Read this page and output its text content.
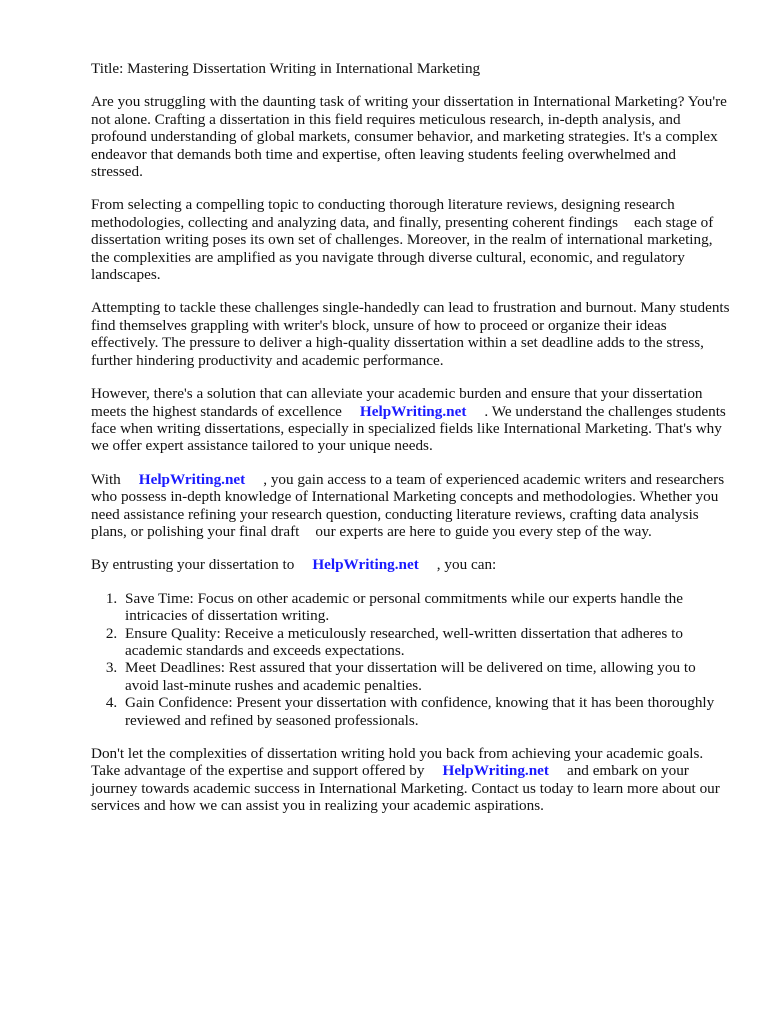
Title: Mastering Dissertation Writing in International Marketing

Are you struggling with the daunting task of writing your dissertation in International Marketing? You're not alone. Crafting a dissertation in this field requires meticulous research, in-depth analysis, and profound understanding of global markets, consumer behavior, and marketing strategies. It's a complex endeavor that demands both time and expertise, often leaving students feeling overwhelmed and stressed.

From selecting a compelling topic to conducting thorough literature reviews, designing research methodologies, collecting and analyzing data, and finally, presenting coherent findings each stage of dissertation writing poses its own set of challenges. Moreover, in the realm of international marketing, the complexities are amplified as you navigate through diverse cultural, economic, and regulatory landscapes.

Attempting to tackle these challenges single-handedly can lead to frustration and burnout. Many students find themselves grappling with writer's block, unsure of how to proceed or organize their ideas effectively. The pressure to deliver a high-quality dissertation within a set deadline adds to the stress, further hindering productivity and academic performance.

However, there's a solution that can alleviate your academic burden and ensure that your dissertation meets the highest standards of excellence HelpWriting.net . We understand the challenges students face when writing dissertations, especially in specialized fields like International Marketing. That's why we offer expert assistance tailored to your unique needs.

With HelpWriting.net , you gain access to a team of experienced academic writers and researchers who possess in-depth knowledge of International Marketing concepts and methodologies. Whether you need assistance refining your research question, conducting literature reviews, crafting data analysis plans, or polishing your final draft our experts are here to guide you every step of the way.

By entrusting your dissertation to HelpWriting.net , you can:

1. Save Time: Focus on other academic or personal commitments while our experts handle the intricacies of dissertation writing.
2. Ensure Quality: Receive a meticulously researched, well-written dissertation that adheres to academic standards and exceeds expectations.
3. Meet Deadlines: Rest assured that your dissertation will be delivered on time, allowing you to avoid last-minute rushes and academic penalties.
4. Gain Confidence: Present your dissertation with confidence, knowing that it has been thoroughly reviewed and refined by seasoned professionals.

Don't let the complexities of dissertation writing hold you back from achieving your academic goals. Take advantage of the expertise and support offered by HelpWriting.net and embark on your journey towards academic success in International Marketing. Contact us today to learn more about our services and how we can assist you in realizing your academic aspirations.
